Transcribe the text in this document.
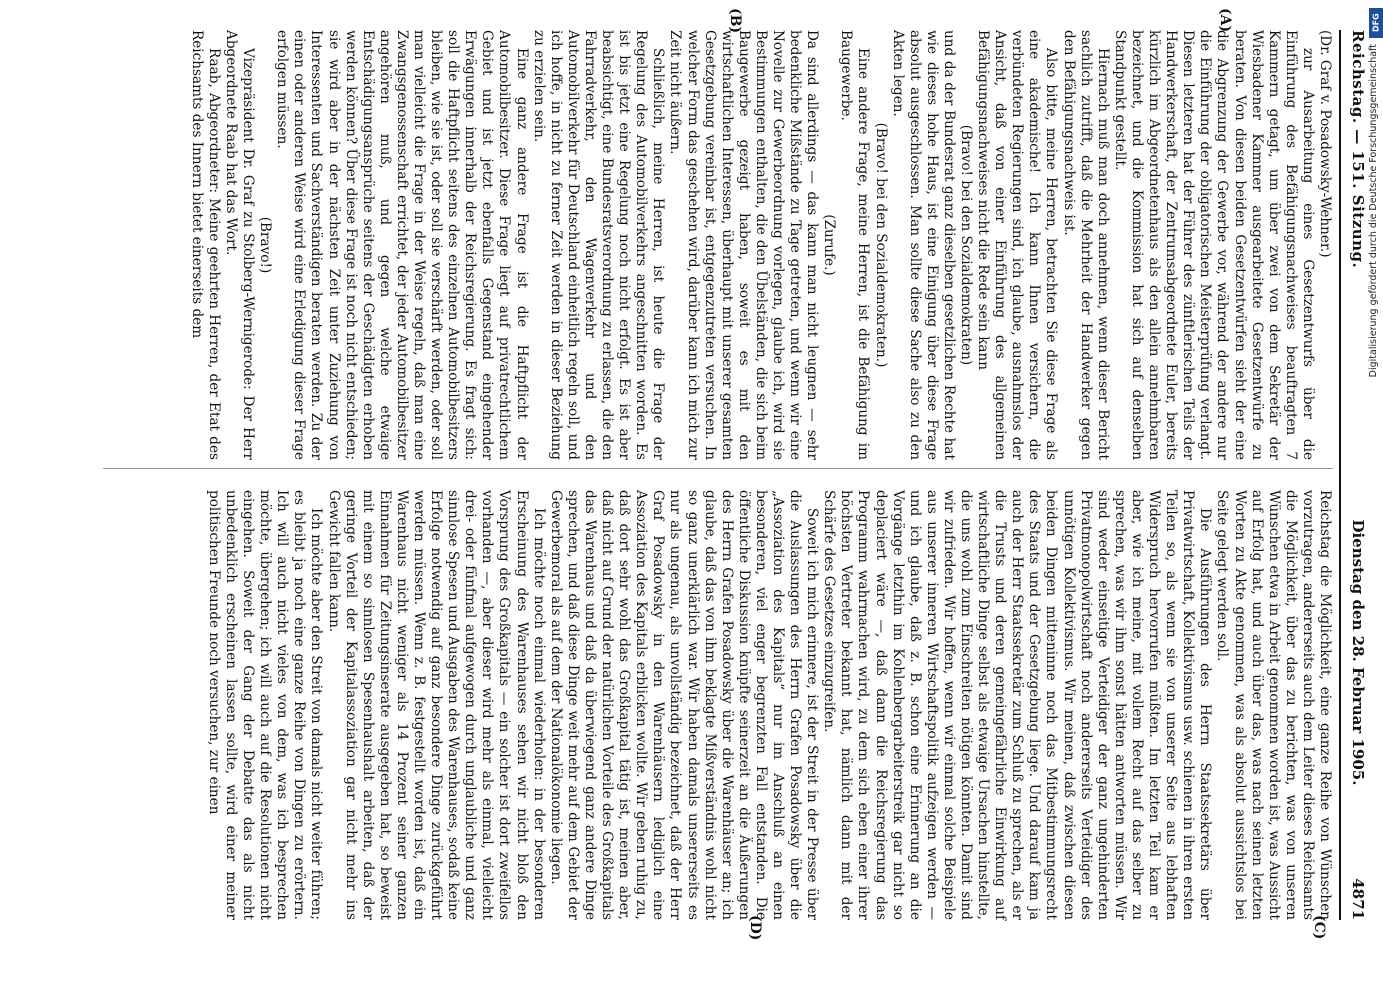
DFG
Digitalisierung gefördert durch die Deutsche Forschungsgemeinschaft
Reichstag. — 151. Sitzung.
Dienstag den 28. Februar 1905.
4871
(A)
(B)
(C)
(D)

(Dr. Graf v. Posadowsky-Wehner.)

zur Ausarbeitung eines Gesetzentwurfs über die Einführung des Befähigungsnachweises beauftragten 7 Kammern getagt, um über zwei von dem Sekretär der Wiesbadener Kammer ausgearbeitete Gesetzentwürfe zu beraten. Von diesen beiden Gesetzentwürfen sieht der eine die Abgrenzung der Gewerbe vor, während der andere nur die Einführung der obligatorischen Meisterprüfung verlangt. Diesen letzteren hat der Führer des zünftlerischen Teils der Handwerkerschaft, der Zentrumsabgeordnete Euler, bereits kürzlich im Abgeordnetenhaus als den allein annehmbaren bezeichnet, und die Kommission hat sich auf denselben Standpunkt gestellt.

Hiernach muß man doch annehmen, wenn dieser Bericht sachlich zutrifft, daß die Mehrheit der Handwerker gegen den Befähigungsnachweis ist.

Also bitte, meine Herren, betrachten Sie diese Frage als eine akademische! Ich kann Ihnen versichern, die verbündeten Regierungen sind, ich glaube, ausnahmslos der Ansicht, daß von einer Einführung des allgemeinen Befähigungsnachweises nicht die Rede sein kann

(Bravo! bei den Sozialdemokraten)

und da der Bundesrat ganz dieselben gesetzlichen Rechte hat wie dieses hohe Haus, ist eine Einigung über diese Frage absolut ausgeschlossen. Man sollte diese Sache also zu den Akten legen.

(Bravo! bei den Sozialdemokraten.)

Eine andere Frage, meine Herren, ist die Befähigung im Baugewerbe.

(Zurufe.)

Da sind allerdings — das kann man nicht leugnen — sehr bedenkliche Mißstände zu Tage getreten, und wenn wir eine Novelle zur Gewerbeordnung vorlegen, glaube ich, wird sie Bestimmungen enthalten, die den Übelständen, die sich beim Baugewerbe gezeigt haben, soweit es mit den wirtschaftlichen Interessen, überhaupt mit unserer gesamten Gesetzgebung vereinbar ist, entgegenzutreten versuchen. In welcher Form das geschehen wird, darüber kann ich mich zur Zeit nicht äußern.

Schließlich, meine Herren, ist heute die Frage der Regelung des Automobilverkehrs angeschnitten worden. Es ist bis jetzt eine Regelung noch nicht erfolgt. Es ist aber beabsichtigt, eine Bundesratsverordnung zu erlassen, die den Fahrradverkehr, den Wagenverkehr und den Automobilverkehr für Deutschland einheitlich regeln soll, und ich hoffe, in nicht zu ferner Zeit werden in dieser Beziehung zu erzielen sein.

Eine ganz andere Frage ist die Haftpflicht der Automobilbesitzer. Diese Frage liegt auf privatrechtlichem Gebiet und ist jetzt ebenfalls Gegenstand eingehender Erwägungen innerhalb der Reichsregierung. Es fragt sich: soll die Haftpflicht seitens des einzelnen Automobilbesitzers bleiben, wie sie ist, oder soll sie verschärft werden, oder soll man vielleicht die Frage in der Weise regeln, daß man eine Zwangsgenossenschaft errichtet, der jeder Automobilbesitzer angehören muß, und gegen welche etwaige Entschädigungsansprüche seitens der Geschädigten erhoben werden können? Über diese Frage ist noch nicht entschieden; sie wird aber in der nächsten Zeit unter Zuziehung von Interessenten und Sachverständigen beraten werden. Zu der einen oder anderen Weise wird eine Erledigung dieser Frage erfolgen müssen.

(Bravo!)

Vizepräsident Dr. Graf zu Stolberg-Wernigerode: Der Herr Abgeordnete Raab hat das Wort.

Raab, Abgeordneter: Meine geehrten Herren, der Etat des Reichsamts des Innern bietet einerseits dem

Reichstag die Möglichkeit, eine ganze Reihe von Wünschen vorzutragen, andererseits auch dem Leiter dieses Reichsamts die Möglichkeit, über das zu berichten, was von unseren Wünschen etwa in Arbeit genommen worden ist, was Aussicht auf Erfolg hat, und auch über das, was nach seinen letzten Worten zu Akte genommen, was als absolut aussichtslos bei Seite gelegt werden soll.

Die Ausführungen des Herrn Staatssekretärs über Privatwirtschaft, Kollektivismus usw. schienen in ihren ersten Teilen so, als wenn sie von unserer Seite aus lebhaften Widerspruch hervorrufen müßten. Im letzten Teil kam er aber, wie ich meine, mit vollem Recht auf das selber zu sprechen, was wir ihm sonst hätten antworten müssen. Wir sind weder einseitige Verteidiger der ganz ungehinderten Privatmonopolwirtschaft noch andererseits Verteidiger des unnötigen Kollektivismus. Wir meinen, daß zwischen diesen beiden Dingen mitteninne noch das Mitbestimmungsrecht des Staats und der Gesetzgebung liege. Und darauf kam ja auch der Herr Staatssekretär zum Schluß zu sprechen, als er die Trusts und deren gemeingefährliche Einwirkung auf wirtschaftliche Dinge selbst als etwaige Ursachen hinstellte, die uns wohl zum Einschreiten nötigen könnten. Damit sind wir zufrieden. Wir hoffen, wenn wir einmal solche Beispiele aus unserer inneren Wirtschaftspolitik aufzeigen werden — und ich glaube, daß z. B. schon eine Erinnerung an die Vorgänge letzthin im Kohlenbergarbeiterstreik gar nicht so deplaciert wäre —, daß dann die Reichsregierung das Programm wahrmachen wird, zu dem sich eben einer ihrer höchsten Vertreter bekannt hat, nämlich dann mit der Schärfe des Gesetzes einzugreifen.

Soweit ich mich erinnere, ist der Streit in der Presse über die Auslassungen des Herrn Grafen Posadowsky über die „Assoziation des Kapitals“ nur im Anschluß an einen besonderen, viel enger begrenzten Fall entstanden. Die öffentliche Diskussion knüpfte seinerzeit an die Äußerungen des Herrn Grafen Posadowsky über die Warenhäuser an; ich glaube, daß das von ihm beklagte Mißverständnis wohl nicht so ganz unerklärlich war. Wir haben damals unsererseits es nur als ungenau, als unvollständig bezeichnet, daß der Herr Graf Posadowsky in den Warenhäusern lediglich eine Assoziation des Kapitals erblicken wollte. Wir geben ruhig zu, daß dort sehr wohl das Großkapital tätig ist, meinen aber, daß nicht auf Grund der natürlichen Vorteile des Großkapitals das Warenhaus und daß da überwiegend ganz andere Dinge sprechen, und daß diese Dinge weit mehr auf dem Gebiet der Gewerbemoral als auf dem der Nationalökonomie liegen.

Ich möchte noch einmal wiederholen: in der besonderen Erscheinung des Warenhauses sehen wir nicht bloß den Vorsprung des Großkapitals — ein solcher ist dort zweifellos vorhanden —, aber dieser wird mehr als einmal, vielleicht drei- oder fünfmal aufgewogen durch unglaubliche und ganz sinnlose Spesen und Ausgaben des Warenhauses, sodaß keine Erfolge notwendig auf ganz besondere Dinge zurückgeführt werden müssen. Wenn z. B. festgestellt worden ist, daß ein Warenhaus nicht weniger als 14 Prozent seiner ganzen Einnahmen für Zeitungsinserate ausgegeben hat, so beweist mit einem so sinnlosen Spesenhaushalt arbeiten, daß der geringe Vorteil der Kapitalassoziation gar nicht mehr ins Gewicht fallen kann.

Ich möchte aber den Streit von damals nicht weiter führen; es bleibt ja noch eine ganze Reihe von Dingen zu erörtern. Ich will auch nicht vieles von dem, was ich besprechen möchte, übergehen; ich will auch auf die Resolutionen nicht eingehen. Soweit der Gang der Debatte das als nicht unbedenklich erscheinen lassen sollte, wird einer meiner politischen Freunde noch versuchen, zur einen
